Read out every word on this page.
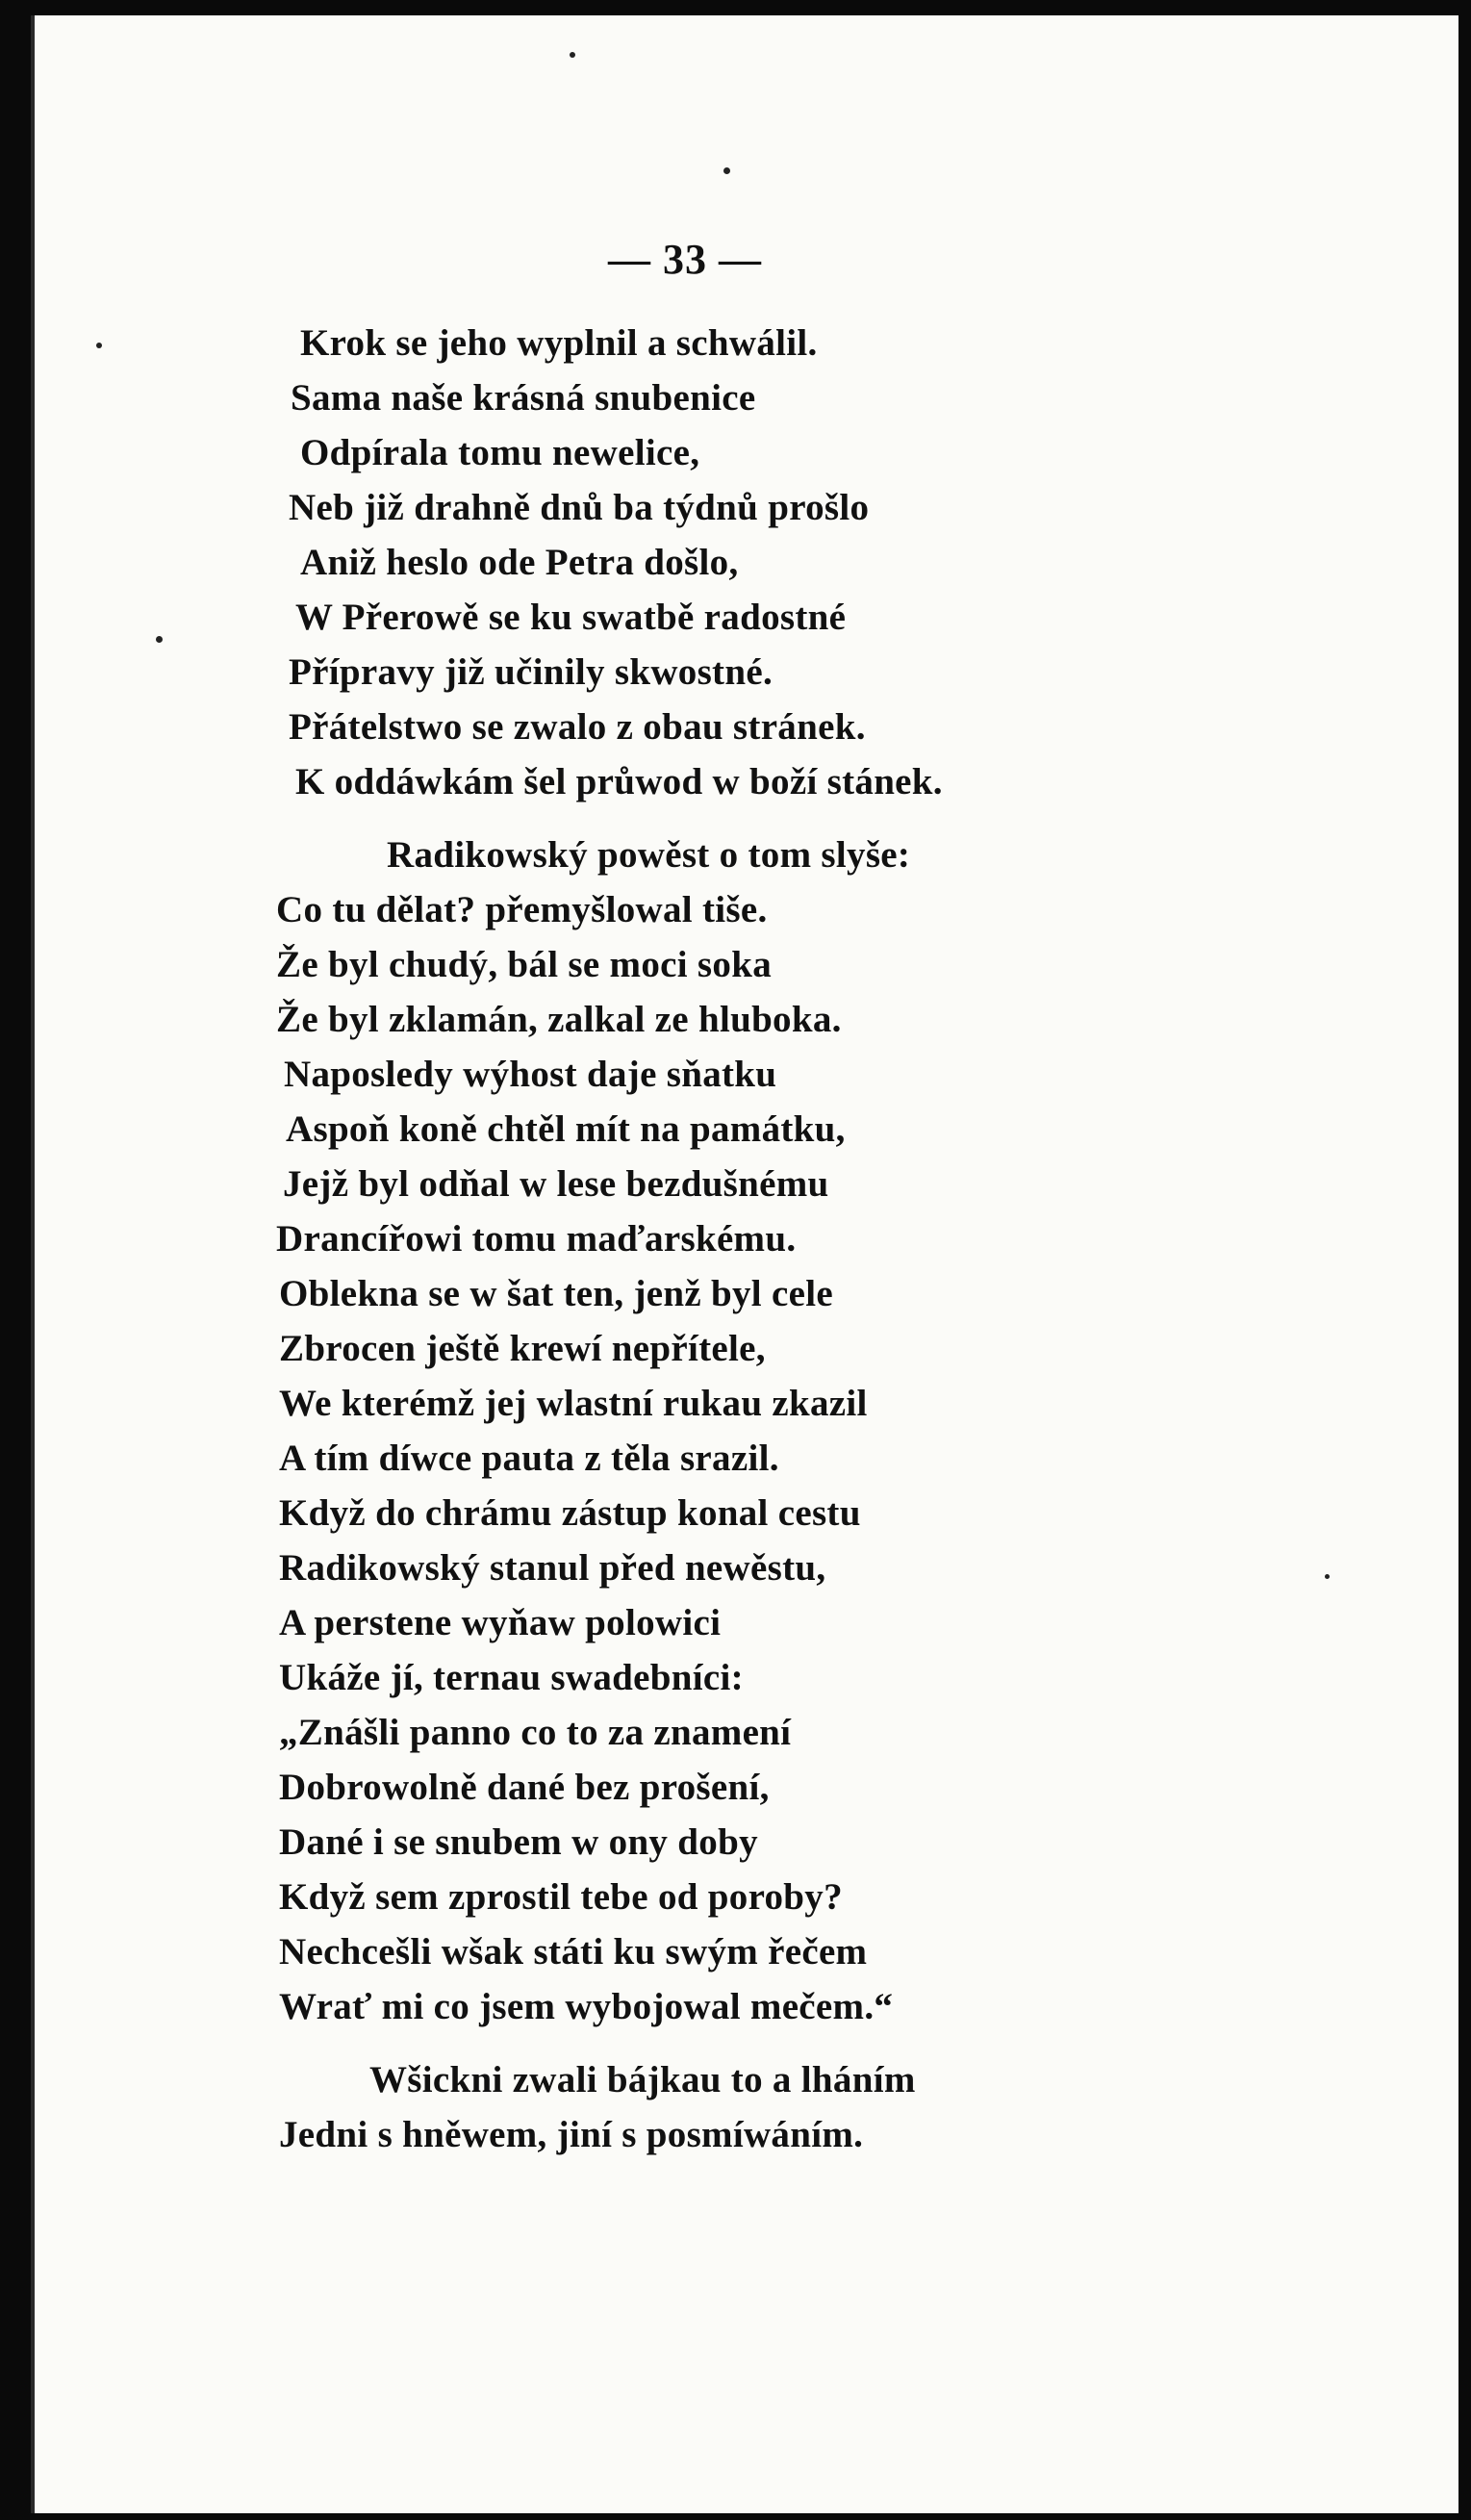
— 33 —
Krok se jeho wyplnil a schwálil.
Sama naše krásná snubenice
Odpírala tomu newelice,
Neb již drahně dnů ba týdnů prošlo
Aniž heslo ode Petra došlo,
W Přerowě se ku swatbě radostné
Přípravy již učinily skwostné.
Přátelstwo se zwalo z obau stránek.
K oddáwkám šel průwod w boží stánek.
Radikowský powěst o tom slyše:
Co tu dělat? přemyšlowal tiše.
Že byl chudý, bál se moci soka
Že byl zklamán, zalkal ze hluboka.
Naposledy wýhost daje sňatku
Aspoň koně chtěl mít na památku,
Jejž byl odňal w lese bezdušnému
Drancířowi tomu maďarskému.
Oblekna se w šat ten, jenž byl cele
Zbrocen ještě krewí nepřítele,
We kterémž jej wlastní rukau zkazil
A tím díwce pauta z těla srazil.
Když do chrámu zástup konal cestu
Radikowský stanul před newěstu,
A perstene wyňaw polowici
Ukáže jí, ternau swadebníci:
„Znášli panno co to za znamení
Dobrowolně dané bez prošení,
Dané i se snubem w ony doby
Když sem zprostil tebe od poroby?
Nechcešli wšak státi ku swým řečem
Wrať mi co jsem wybojowal mečem.“
Wšickni zwali bájkau to a lháním
Jedni s hněwem, jiní s posmíwáním.
